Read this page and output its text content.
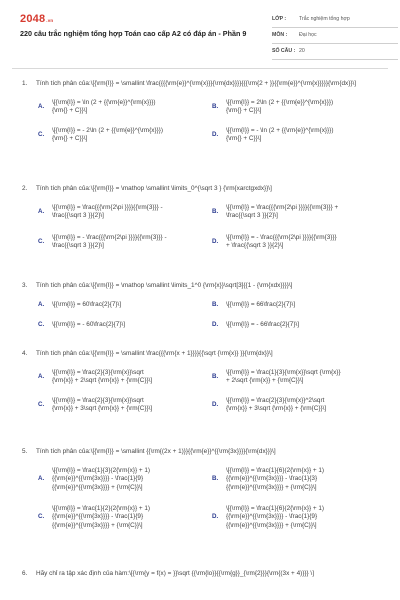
2048.vn
220 câu trắc nghiệm tổng hợp Toán cao cấp A2 có đáp án - Phần 9
LỚP :	Trắc nghiệm tổng hợp
MÔN :	Đại học
SỐ CÂU : 20
1.	Tính tích phân của:\[{\rm{I}} = \smallint \frac{{{{\rm{e}}^{\rm{x}}}{\rm{dx}}}}{{{\rm{2 + }}{{\rm{e}}^{\rm{x}}}}}{\rm{dx}}\]
A.
\[{\rm{I}} = \ln (2 + {{\rm{e}}^{\rm{x}}})
{\rm{} + C}}\]
B.
\[{\rm{I}} = 2\ln (2 + {{\rm{e}}^{\rm{x}}})
{\rm{} + C}}\]
C.
\[{\rm{I}} = - 2\ln (2 + {{\rm{e}}^{\rm{x}}})
{\rm{} + C}}\]
D.
\[{\rm{I}} = - \ln (2 + {{\rm{e}}^{\rm{x}}})
{\rm{} + C}}\]
2.	Tính tích phân của:\[{\rm{I}} = \mathop \smallint \limits_0^{\sqrt 3 } {\rm{xarctgxdx}}\]
A.
\[{\rm{I}} = \frac{{{\rm{2\pi }}}}{{\rm{3}}} -
\frac{{\sqrt 3 }}{2}\]
B.
\[{\rm{I}} = \frac{{{\rm{2\pi }}}}{{\rm{3}}} +
\frac{{\sqrt 3 }}{2}\]
C.
\[{\rm{I}} = - \frac{{{\rm{2\pi }}}}{{\rm{3}}} -
\frac{{\sqrt 3 }}{2}\]
D.
\[{\rm{I}} = - \frac{{{\rm{2\pi }}}}{{\rm{3}}}
+ \frac{{\sqrt 3 }}{2}\]
3.	Tính tích phân của:\[{\rm{I}} = \mathop \smallint \limits_1^0 {\rm{x}}\sqrt[3]{{1 - {\rm{xdx}}}}\]
A.	\[{\rm{I}} = 60\frac{2}{7}\]	B.	\[{\rm{I}} = 66\frac{2}{7}\]
C.	\[{\rm{I}} = - 60\frac{2}{7}\]	D.	\[{\rm{I}} = - 66\frac{2}{7}\]
4.	Tính tích phân của:\[{\rm{I}} = \smallint \frac{{{\rm{x + 1}}}}{{\sqrt {\rm{x}} }}{\rm{dx}}\]
A.
\[{\rm{I}} = \frac{2}{3}{\rm{x}}\sqrt
{\rm{x}} + 2\sqrt {\rm{x}} + {\rm{C}}\]
B.
\[{\rm{I}} = \frac{1}{3}{\rm{x}}\sqrt {\rm{x}}
+ 2\sqrt {\rm{x}} + {\rm{C}}\]
C.
\[{\rm{I}} = \frac{2}{3}{\rm{x}}\sqrt
{\rm{x}} + 3\sqrt {\rm{x}} + {\rm{C}}\]
D.
\[{\rm{I}} = \frac{2}{3}{\rm{x}}^2\sqrt
{\rm{x}} + 3\sqrt {\rm{x}} + {\rm{C}}\]
5.	Tính tích phân của:\[{\rm{I}} = \smallint {{\rm{(2x + 1)}}{{\rm{e}}^{{\rm{3x}}}}{\rm{dx}}}\]
A.
\[{\rm{I}} = \frac{1}{3}(2{\rm{x}} + 1)
{{\rm{e}}^{{\rm{3x}}}} - \frac{1}{9}
{{\rm{e}}^{{\rm{3x}}}} + {\rm{C}}\]
B.
\[{\rm{I}} = \frac{1}{6}(2{\rm{x}} + 1)
{{\rm{e}}^{{\rm{3x}}}} - \frac{1}{3}
{{\rm{e}}^{{\rm{3x}}}} + {\rm{C}}\]
C.
\[{\rm{I}} = \frac{1}{2}(2{\rm{x}} + 1)
{{\rm{e}}^{{\rm{3x}}}} - \frac{1}{9}
{{\rm{e}}^{{\rm{3x}}}} + {\rm{C}}\]
D.
\[{\rm{I}} = \frac{1}{6}(2{\rm{x}} + 1)
{{\rm{e}}^{{\rm{3x}}}} - \frac{1}{9}
{{\rm{e}}^{{\rm{3x}}}} + {\rm{C}}\]
6.	Hãy chỉ ra tập xác định của hàm:\[{\rm{y = f(x) = }}\sqrt {{\rm{lo}}{{\rm{g}}_{\rm{2}}}{\rm{(3x + 4)}}} \]
